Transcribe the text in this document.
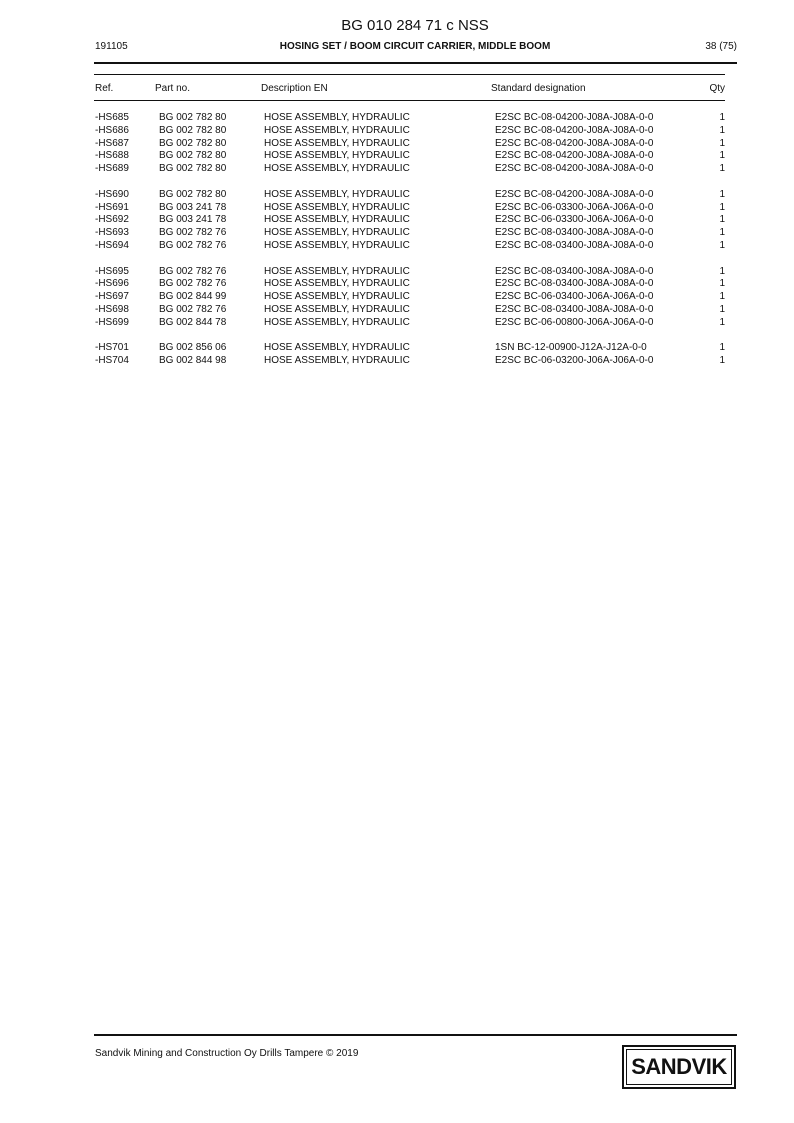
BG 010 284 71 c NSS
191105	HOSING SET / BOOM CIRCUIT CARRIER, MIDDLE BOOM	38 (75)
Ref.	Part no.	Description EN	Standard designation	Qty
-HS685	BG 002 782 80	HOSE ASSEMBLY, HYDRAULIC	E2SC BC-08-04200-J08A-J08A-0-0	1
-HS686	BG 002 782 80	HOSE ASSEMBLY, HYDRAULIC	E2SC BC-08-04200-J08A-J08A-0-0	1
-HS687	BG 002 782 80	HOSE ASSEMBLY, HYDRAULIC	E2SC BC-08-04200-J08A-J08A-0-0	1
-HS688	BG 002 782 80	HOSE ASSEMBLY, HYDRAULIC	E2SC BC-08-04200-J08A-J08A-0-0	1
-HS689	BG 002 782 80	HOSE ASSEMBLY, HYDRAULIC	E2SC BC-08-04200-J08A-J08A-0-0	1
-HS690	BG 002 782 80	HOSE ASSEMBLY, HYDRAULIC	E2SC BC-08-04200-J08A-J08A-0-0	1
-HS691	BG 003 241 78	HOSE ASSEMBLY, HYDRAULIC	E2SC BC-06-03300-J06A-J06A-0-0	1
-HS692	BG 003 241 78	HOSE ASSEMBLY, HYDRAULIC	E2SC BC-06-03300-J06A-J06A-0-0	1
-HS693	BG 002 782 76	HOSE ASSEMBLY, HYDRAULIC	E2SC BC-08-03400-J08A-J08A-0-0	1
-HS694	BG 002 782 76	HOSE ASSEMBLY, HYDRAULIC	E2SC BC-08-03400-J08A-J08A-0-0	1
-HS695	BG 002 782 76	HOSE ASSEMBLY, HYDRAULIC	E2SC BC-08-03400-J08A-J08A-0-0	1
-HS696	BG 002 782 76	HOSE ASSEMBLY, HYDRAULIC	E2SC BC-08-03400-J08A-J08A-0-0	1
-HS697	BG 002 844 99	HOSE ASSEMBLY, HYDRAULIC	E2SC BC-06-03400-J06A-J06A-0-0	1
-HS698	BG 002 782 76	HOSE ASSEMBLY, HYDRAULIC	E2SC BC-08-03400-J08A-J08A-0-0	1
-HS699	BG 002 844 78	HOSE ASSEMBLY, HYDRAULIC	E2SC BC-06-00800-J06A-J06A-0-0	1
-HS701	BG 002 856 06	HOSE ASSEMBLY, HYDRAULIC	1SN BC-12-00900-J12A-J12A-0-0	1
-HS704	BG 002 844 98	HOSE ASSEMBLY, HYDRAULIC	E2SC BC-06-03200-J06A-J06A-0-0	1
Sandvik Mining and Construction Oy Drills Tampere © 2019
SANDVIK
